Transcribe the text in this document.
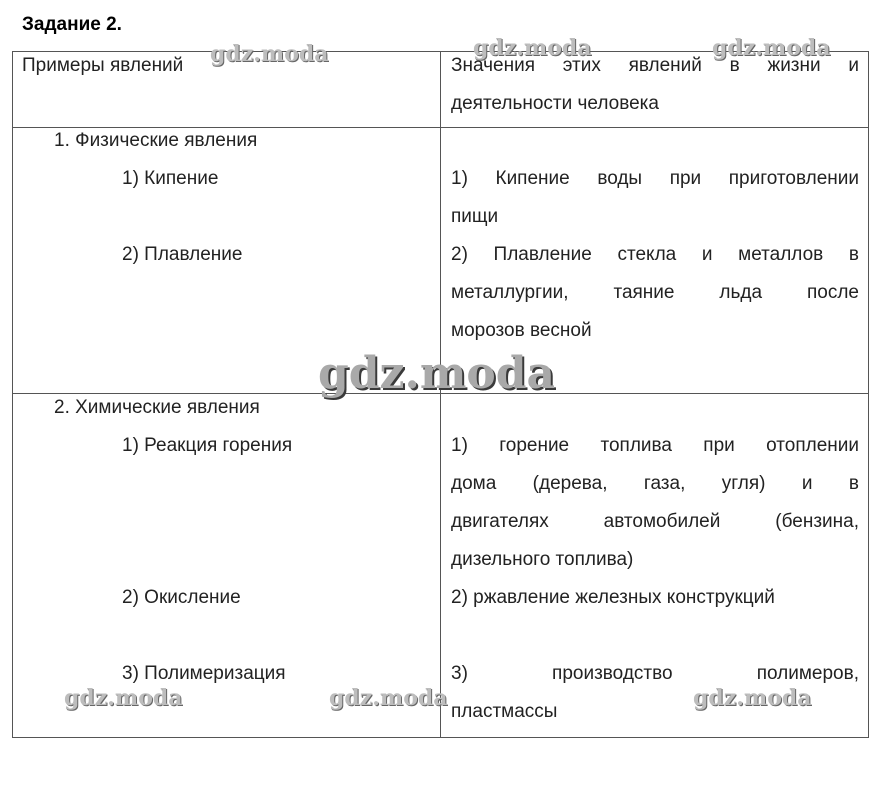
Задание 2.
Примеры явлений	Значения этих явлений в жизни и
деятельности человека
1. Физические явления
1) Кипение	1) Кипение воды при приготовлении
пищи
2) Плавление	2) Плавление стекла и металлов в
металлургии, таяние льда после
морозов весной
2. Химические явления
1) Реакция горения	1) горение топлива при отоплении
дома (дерева, газа, угля) и в
двигателях автомобилей (бензина,
дизельного топлива)
2) Окисление	2) ржавление железных конструкций
3) Полимеризация	3) производство полимеров,
пластмассы
gdz.moda	gdz.moda	gdz.moda
gdz.moda
gdz.moda	gdz.moda	gdz.moda
